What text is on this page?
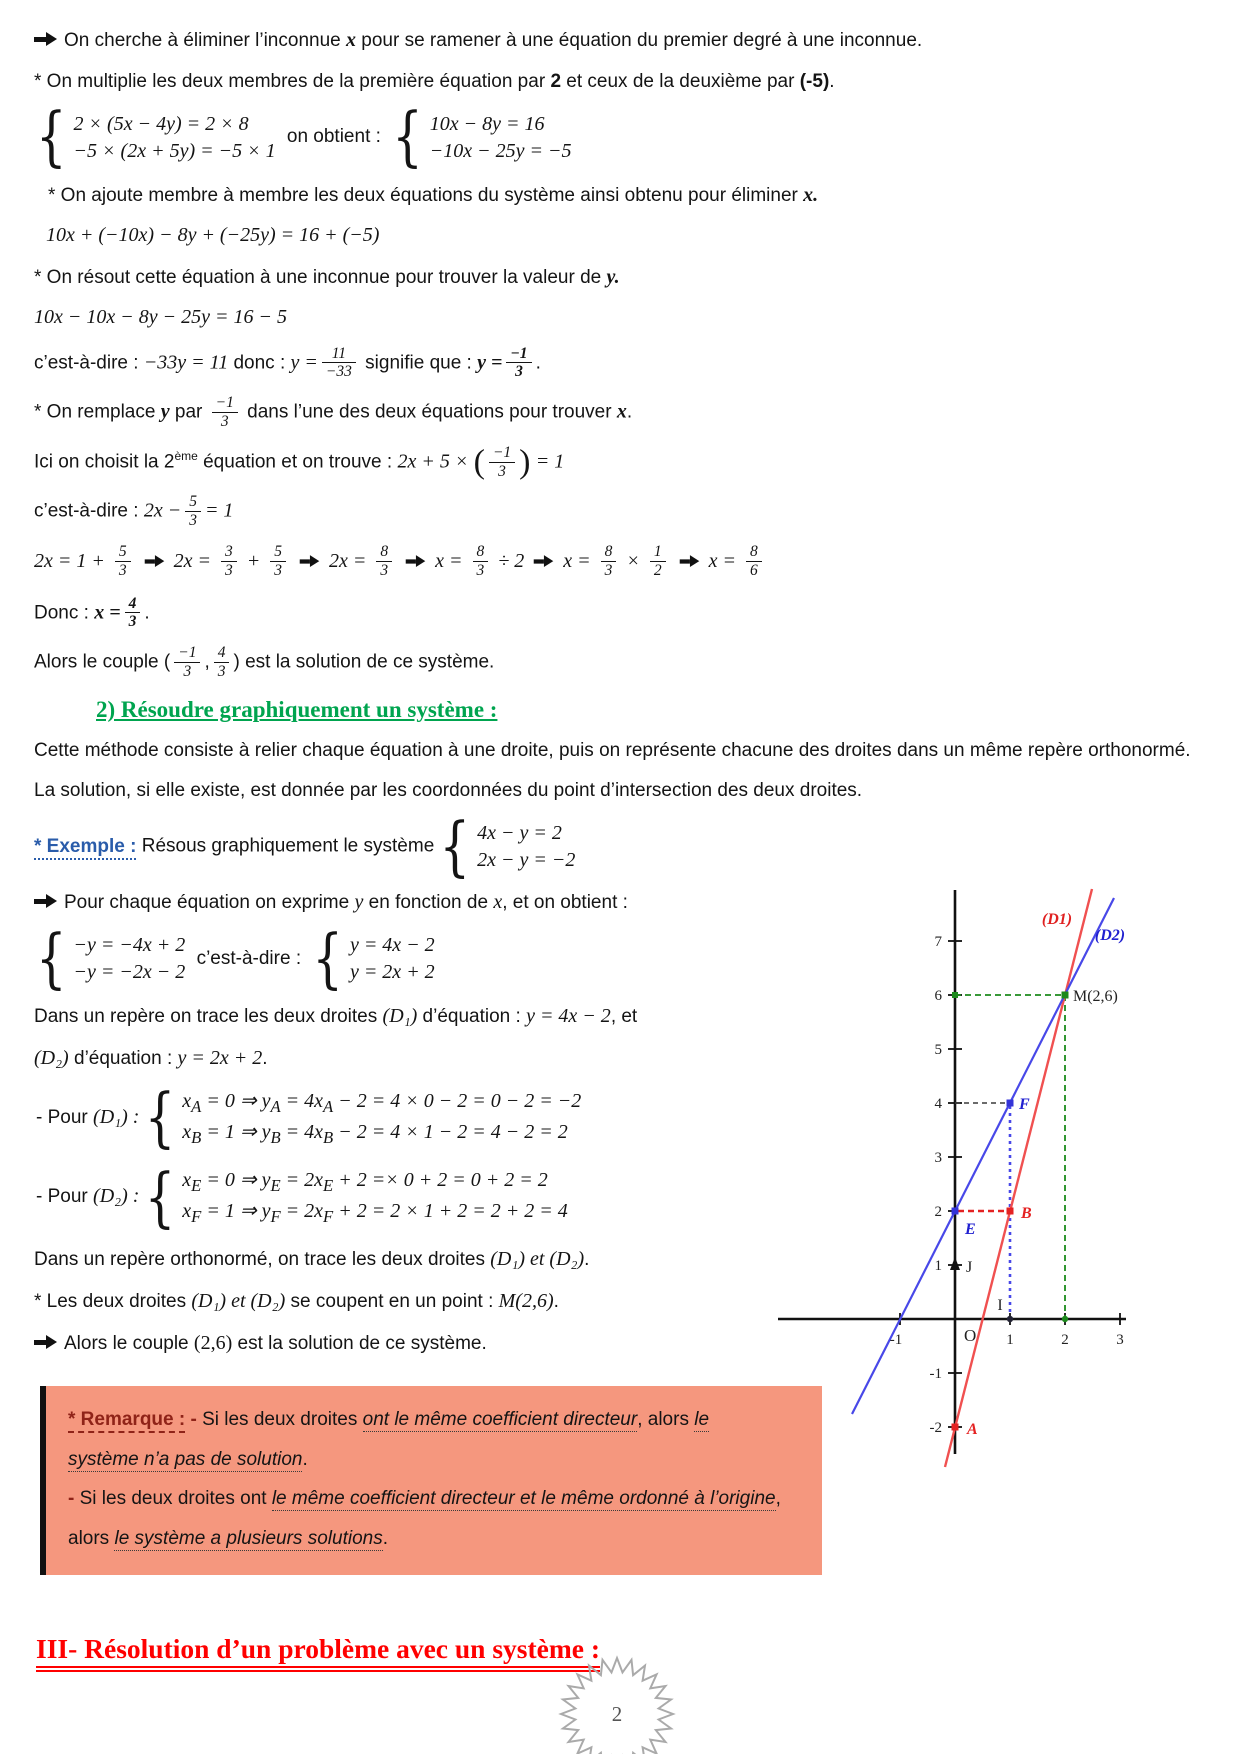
On cherche à éliminer l’inconnue x pour se ramener à une équation du premier degré à une inconnue.

* On multiplie les deux membres de la première équation par 2 et ceux de la deuxième par (-5).

{ 2 × (5x − 4y) = 2 × 8
−5 × (2x + 5y) = −5 × 1
on obtient : { 10x − 8y = 16
−10x − 25y = −5

* On ajoute membre à membre les deux équations du système ainsi obtenu pour éliminer x.

10x + (−10x) − 8y + (−25y) = 16 + (−5)

* On résout cette équation à une inconnue pour trouver la valeur de y.

10x − 10x − 8y − 25y = 16 − 5

c’est-à-dire : −33y = 11 donc : $y = \frac{11}{-33}$ signifie que : $y = \frac{-1}{3}$ .

* On remplace y par $\frac{-1}{3}$ dans l’une des deux équations pour trouver x.

Ici on choisit la 2ème équation et on trouve : 2x + 5 × ( $\frac{-1}{3}$ ) = 1

c’est-à-dire : $2x - \frac{5}{3} = 1$

$2x = 1 + \frac{5}{3} 2x = \frac{3}{3} + \frac{5}{3} 2x = \frac{8}{3}$ $x = \frac{8}{3} \div 2$ $x = \frac{8}{3} \times \frac{1}{2}$ $x = \frac{8}{6}$

Donc : $x = \frac{4}{3}$ .

Alors le couple ( $\frac{-1}{3}$ , $\frac{4}{3}$ ) est la solution de ce système.

2) Résoudre graphiquement un système :

Cette méthode consiste à relier chaque équation à une droite, puis on représente chacune des droites dans un même repère orthonormé.

La solution, si elle existe, est donnée par les coordonnées du point d’intersection des deux droites.

7
6
5
4
3
2
1
-1
-2
-1	1	2	3
O
(D1)
(D2)
M(2,6)
F
E
B
A
I
J

* Exemple : Résous graphiquement le système { 4x − y = 2
2x − y = −2

Pour chaque équation on exprime y en fonction de x, et on obtient :

{ −y = −4x + 2
−y = −2x − 2
c’est-à-dire : { y = 4x − 2
y = 2x + 2

Dans un repère on trace les deux droites (D₁) d’équation : y = 4x − 2, et

(D₂) d’équation : y = 2x + 2.

- Pour (D₁) : { $x_A = 0$ ⇒ $y_A = 4x_A - 2 = 4 \times 0 - 2 = 0 - 2 = -2$
$x_B = 1$ ⇒ $y_B = 4x_B - 2 = 4 \times 1 - 2 = 4 - 2 = 2$
- Pour (D₂) : { $x_E = 0$ ⇒ $y_E = 2x_E + 2 =\times 0 + 2 = 0 + 2 = 2$
$x_F = 1$ ⇒ $y_F = 2x_F + 2 = 2 \times 1 + 2 = 2 + 2 = 4$

Dans un repère orthonormé, on trace les deux droites (D₁) et (D₂).

* Les deux droites (D₁) et (D₂) se coupent en un point : M(2,6).

Alors le couple (2,6) est la solution de ce système.

* Remarque : - Si les deux droites ont le même coefficient directeur, alors le système n’a pas de solution.
- Si les deux droites ont le même coefficient directeur et le même ordonné à l’origine, alors le système a plusieurs solutions.
III- Résolution d’un problème avec un système :
2
